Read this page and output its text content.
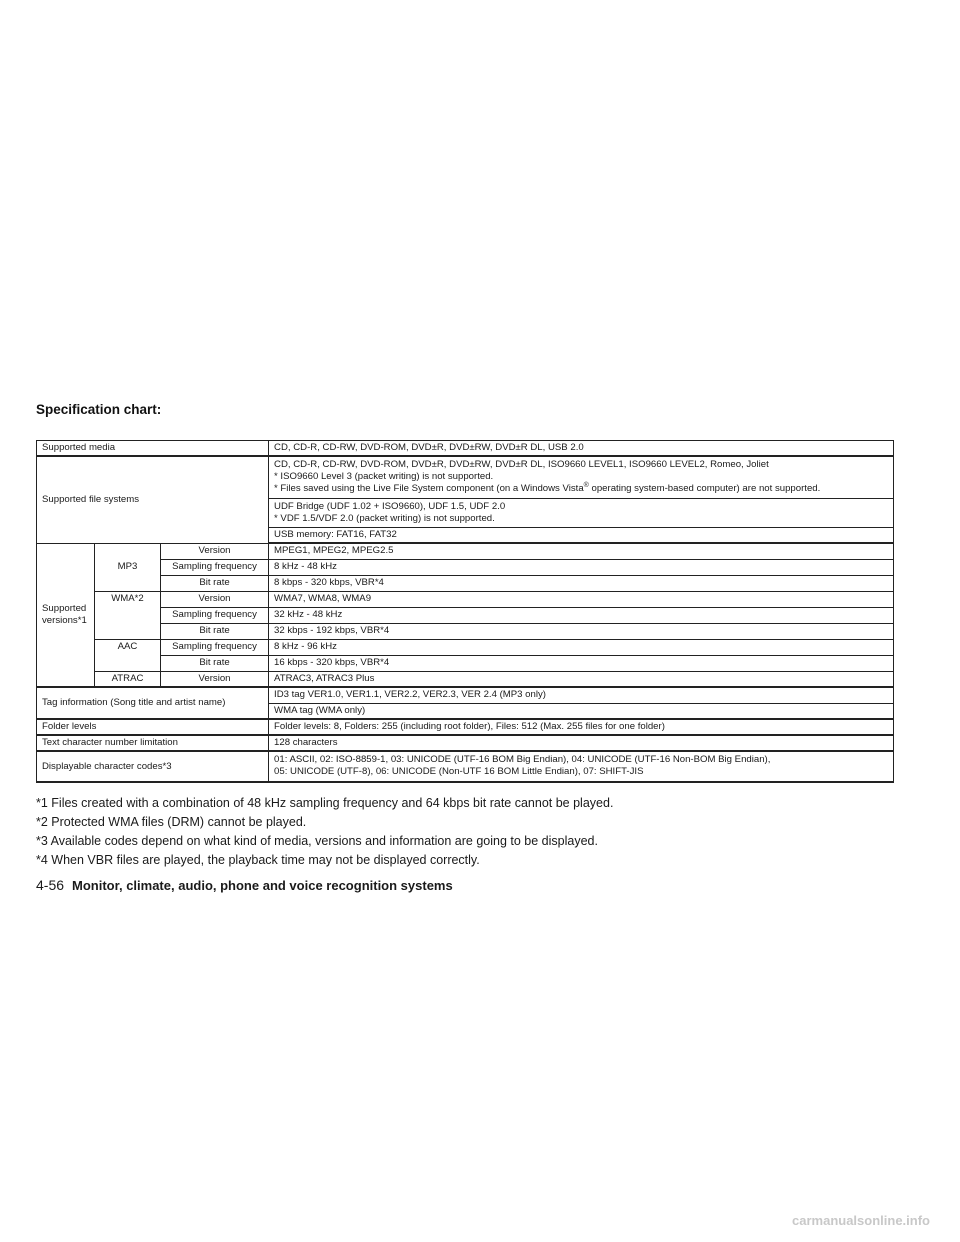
Specification chart:
Supported media			CD, CD-R, CD-RW, DVD-ROM, DVD±R, DVD±RW, DVD±R DL, USB 2.0
Supported file systems			CD, CD-R, CD-RW, DVD-ROM, DVD±R, DVD±RW, DVD±R DL, ISO9660 LEVEL1, ISO9660 LEVEL2, Romeo, Joliet
* ISO9660 Level 3 (packet writing) is not supported.
* Files saved using the Live File System component (on a Windows Vista® operating system-based computer) are not supported.

			UDF Bridge (UDF 1.02 + ISO9660), UDF 1.5, UDF 2.0
* VDF 1.5/VDF 2.0 (packet writing) is not supported.

			USB memory: FAT16, FAT32
Supported versions*1	MP3	Version	MPEG1, MPEG2, MPEG2.5
		Sampling frequency	8 kHz - 48 kHz
		Bit rate	8 kbps - 320 kbps, VBR*4
	WMA*2	Version	WMA7, WMA8, WMA9
		Sampling frequency	32 kHz - 48 kHz
		Bit rate	32 kbps - 192 kbps, VBR*4
	AAC	Sampling frequency	8 kHz - 96 kHz
		Bit rate	16 kbps - 320 kbps, VBR*4
	ATRAC	Version	ATRAC3, ATRAC3 Plus
Tag information (Song title and artist name)			ID3 tag VER1.0, VER1.1, VER2.2, VER2.3, VER 2.4 (MP3 only)
			WMA tag (WMA only)
Folder levels			Folder levels: 8, Folders: 255 (including root folder), Files: 512 (Max. 255 files for one folder)
Text character number limitation			128 characters
Displayable character codes*3			01: ASCII, 02: ISO-8859-1, 03: UNICODE (UTF-16 BOM Big Endian), 04: UNICODE (UTF-16 Non-BOM Big Endian),
05: UNICODE (UTF-8), 06: UNICODE (Non-UTF 16 BOM Little Endian), 07: SHIFT-JIS

*1 Files created with a combination of 48 kHz sampling frequency and 64 kbps bit rate cannot be played.

*2 Protected WMA files (DRM) cannot be played.

*3 Available codes depend on what kind of media, versions and information are going to be displayed.

*4 When VBR files are played, the playback time may not be displayed correctly.

4-56 Monitor, climate, audio, phone and voice recognition systems
carmanualsonline.info
